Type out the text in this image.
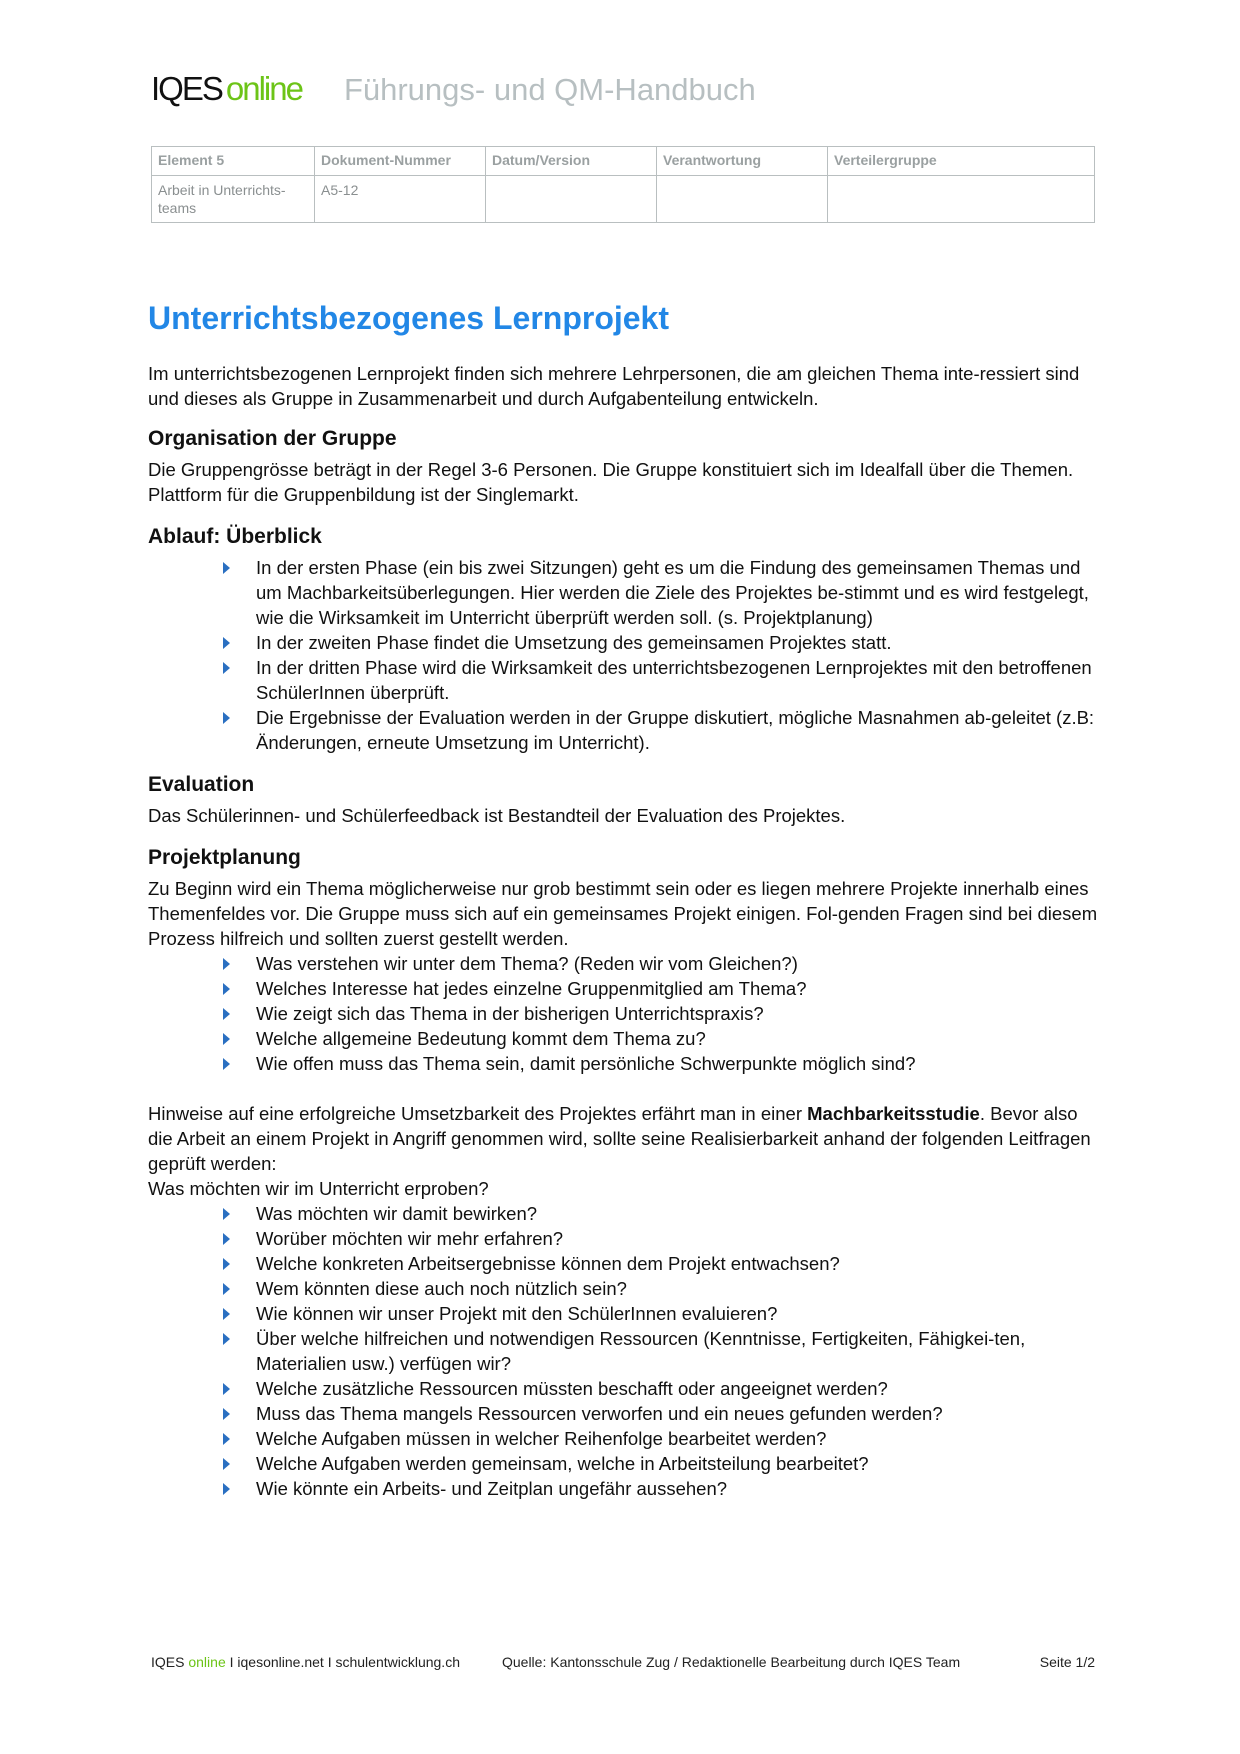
IQES online Führungs- und QM-Handbuch
Element 5	Dokument-Nummer	Datum/Version	Verantwortung	Verteilergruppe
Arbeit in Unterrichts-teams	A5-12			
Unterrichtsbezogenes Lernprojekt

Im unterrichtsbezogenen Lernprojekt finden sich mehrere Lehrpersonen, die am gleichen Thema inte-ressiert sind und dieses als Gruppe in Zusammenarbeit und durch Aufgabenteilung entwickeln.

Organisation der Gruppe

Die Gruppengrösse beträgt in der Regel 3-6 Personen. Die Gruppe konstituiert sich im Idealfall über die Themen. Plattform für die Gruppenbildung ist der Singlemarkt.

Ablauf: Überblick
In der ersten Phase (ein bis zwei Sitzungen) geht es um die Findung des gemeinsamen Themas und um Machbarkeitsüberlegungen. Hier werden die Ziele des Projektes be-stimmt und es wird festgelegt, wie die Wirksamkeit im Unterricht überprüft werden soll. (s. Projektplanung)
In der zweiten Phase findet die Umsetzung des gemeinsamen Projektes statt.
In der dritten Phase wird die Wirksamkeit des unterrichtsbezogenen Lernprojektes mit den betroffenen SchülerInnen überprüft.
Die Ergebnisse der Evaluation werden in der Gruppe diskutiert, mögliche Masnahmen ab-geleitet (z.B: Änderungen, erneute Umsetzung im Unterricht).
Evaluation

Das Schülerinnen- und Schülerfeedback ist Bestandteil der Evaluation des Projektes.

Projektplanung

Zu Beginn wird ein Thema möglicherweise nur grob bestimmt sein oder es liegen mehrere Projekte innerhalb eines Themenfeldes vor. Die Gruppe muss sich auf ein gemeinsames Projekt einigen. Fol-genden Fragen sind bei diesem Prozess hilfreich und sollten zuerst gestellt werden.

Was verstehen wir unter dem Thema? (Reden wir vom Gleichen?)
Welches Interesse hat jedes einzelne Gruppenmitglied am Thema?
Wie zeigt sich das Thema in der bisherigen Unterrichtspraxis?
Welche allgemeine Bedeutung kommt dem Thema zu?
Wie offen muss das Thema sein, damit persönliche Schwerpunkte möglich sind?

Hinweise auf eine erfolgreiche Umsetzbarkeit des Projektes erfährt man in einer Machbarkeitsstudie. Bevor also die Arbeit an einem Projekt in Angriff genommen wird, sollte seine Realisierbarkeit anhand der folgenden Leitfragen geprüft werden:

Was möchten wir im Unterricht erproben?

Was möchten wir damit bewirken?
Worüber möchten wir mehr erfahren?
Welche konkreten Arbeitsergebnisse können dem Projekt entwachsen?
Wem könnten diese auch noch nützlich sein?
Wie können wir unser Projekt mit den SchülerInnen evaluieren?
Über welche hilfreichen und notwendigen Ressourcen (Kenntnisse, Fertigkeiten, Fähigkei-ten, Materialien usw.) verfügen wir?
Welche zusätzliche Ressourcen müssten beschafft oder angeeignet werden?
Muss das Thema mangels Ressourcen verworfen und ein neues gefunden werden?
Welche Aufgaben müssen in welcher Reihenfolge bearbeitet werden?
Welche Aufgaben werden gemeinsam, welche in Arbeitsteilung bearbeitet?
Wie könnte ein Arbeits- und Zeitplan ungefähr aussehen?
IQES online I iqesonline.net I schulentwicklung.ch	Quelle: Kantonsschule Zug / Redaktionelle Bearbeitung durch IQES Team	Seite 1/2
